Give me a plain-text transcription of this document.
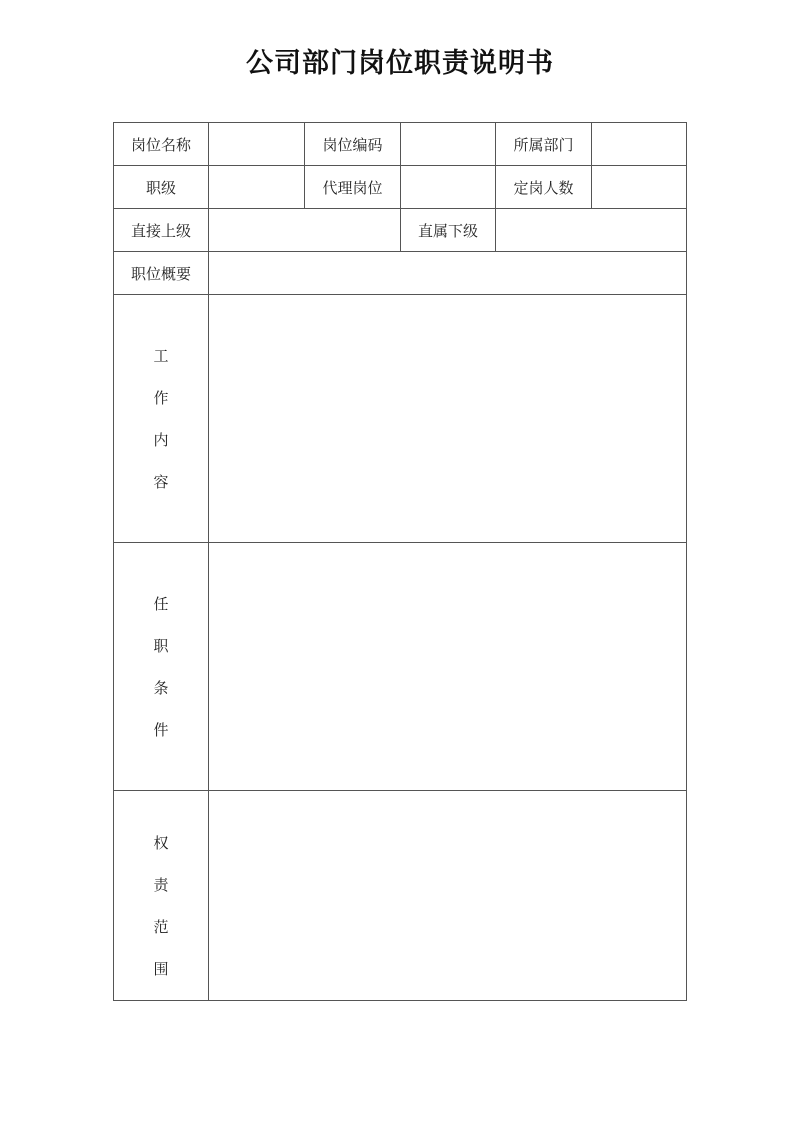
公司部门岗位职责说明书
岗位名称		岗位编码		所属部门	
职级		代理岗位		定岗人数	
直接上级			直属下级		
职位概要					

工
作
内
容					

任
职
条
件					

权
责
范
围					
